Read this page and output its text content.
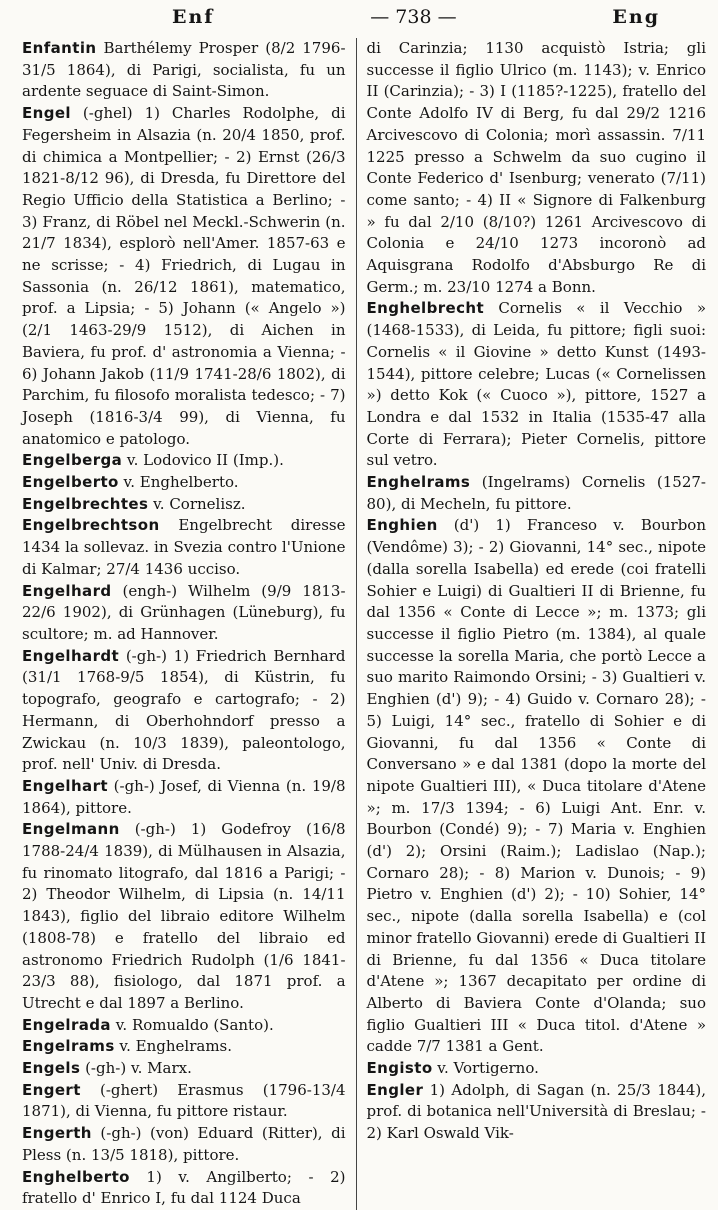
Enf	— 738 —	Eng

Enfantin Barthélemy Prosper (8/2 1796-31/5 1864), di Parigi, socialista, fu un ardente seguace di Saint-Simon.

Engel (-ghel) 1) Charles Rodolphe, di Fegersheim in Alsazia (n. 20/4 1850, prof. di chimica a Montpellier; - 2) Ernst (26/3 1821-8/12 96), di Dresda, fu Direttore del Regio Ufficio della Statistica a Berlino; - 3) Franz, di Röbel nel Meckl.-Schwerin (n. 21/7 1834), esplorò nell'Amer. 1857-63 e ne scrisse; - 4) Friedrich, di Lugau in Sassonia (n. 26/12 1861), matematico, prof. a Lipsia; - 5) Johann (« Angelo ») (2/1 1463-29/9 1512), di Aichen in Baviera, fu prof. d' astronomia a Vienna; - 6) Johann Jakob (11/9 1741-28/6 1802), di Parchim, fu filosofo moralista tedesco; - 7) Joseph (1816-3/4 99), di Vienna, fu anatomico e patologo.

Engelberga v. Lodovico II (Imp.).

Engelberto v. Enghelberto.

Engelbrechtes v. Cornelisz.

Engelbrechtson Engelbrecht diresse 1434 la sollevaz. in Svezia contro l'Unione di Kalmar; 27/4 1436 ucciso.

Engelhard (engh-) Wilhelm (9/9 1813-22/6 1902), di Grünhagen (Lüneburg), fu scultore; m. ad Hannover.

Engelhardt (-gh-) 1) Friedrich Bernhard (31/1 1768-9/5 1854), di Küstrin, fu topografo, geografo e cartografo; - 2) Hermann, di Oberhohndorf presso a Zwickau (n. 10/3 1839), paleontologo, prof. nell' Univ. di Dresda.

Engelhart (-gh-) Josef, di Vienna (n. 19/8 1864), pittore.

Engelmann (-gh-) 1) Godefroy (16/8 1788-24/4 1839), di Mülhausen in Alsazia, fu rinomato litografo, dal 1816 a Parigi; - 2) Theodor Wilhelm, di Lipsia (n. 14/11 1843), figlio del libraio editore Wilhelm (1808-78) e fratello del libraio ed astronomo Friedrich Rudolph (1/6 1841-23/3 88), fisiologo, dal 1871 prof. a Utrecht e dal 1897 a Berlino.

Engelrada v. Romualdo (Santo).

Engelrams v. Enghelrams.

Engels (-gh-) v. Marx.

Engert (-ghert) Erasmus (1796-13/4 1871), di Vienna, fu pittore ristaur.

Engerth (-gh-) (von) Eduard (Ritter), di Pless (n. 13/5 1818), pittore.

Enghelberto 1) v. Angilberto; - 2) fratello d' Enrico I, fu dal 1124 Duca

di Carinzia; 1130 acquistò Istria; gli successe il figlio Ulrico (m. 1143); v. Enrico II (Carinzia); - 3) I (1185?-1225), fratello del Conte Adolfo IV di Berg, fu dal 29/2 1216 Arcivescovo di Colonia; morì assassin. 7/11 1225 presso a Schwelm da suo cugino il Conte Federico d' Isenburg; venerato (7/11) come santo; - 4) II « Signore di Falkenburg » fu dal 2/10 (8/10?) 1261 Arcivescovo di Colonia e 24/10 1273 incoronò ad Aquisgrana Rodolfo d'Absburgo Re di Germ.; m. 23/10 1274 a Bonn.

Enghelbrecht Cornelis « il Vecchio » (1468-1533), di Leida, fu pittore; figli suoi: Cornelis « il Giovine » detto Kunst (1493-1544), pittore celebre; Lucas (« Cornelissen ») detto Kok (« Cuoco »), pittore, 1527 a Londra e dal 1532 in Italia (1535-47 alla Corte di Ferrara); Pieter Cornelis, pittore sul vetro.

Enghelrams (Ingelrams) Cornelis (1527-80), di Mecheln, fu pittore.

Enghien (d') 1) Franceso v. Bourbon (Vendôme) 3); - 2) Giovanni, 14° sec., nipote (dalla sorella Isabella) ed erede (coi fratelli Sohier e Luigi) di Gualtieri II di Brienne, fu dal 1356 « Conte di Lecce »; m. 1373; gli successe il figlio Pietro (m. 1384), al quale successe la sorella Maria, che portò Lecce a suo marito Raimondo Orsini; - 3) Gualtieri v. Enghien (d') 9); - 4) Guido v. Cornaro 28); - 5) Luigi, 14° sec., fratello di Sohier e di Giovanni, fu dal 1356 « Conte di Conversano » e dal 1381 (dopo la morte del nipote Gualtieri III), « Duca titolare d'Atene »; m. 17/3 1394; - 6) Luigi Ant. Enr. v. Bourbon (Condé) 9); - 7) Maria v. Enghien (d') 2); Orsini (Raim.); Ladislao (Nap.); Cornaro 28); - 8) Marion v. Dunois; - 9) Pietro v. Enghien (d') 2); - 10) Sohier, 14° sec., nipote (dalla sorella Isabella) e (col minor fratello Giovanni) erede di Gualtieri II di Brienne, fu dal 1356 « Duca titolare d'Atene »; 1367 decapitato per ordine di Alberto di Baviera Conte d'Olanda; suo figlio Gualtieri III « Duca titol. d'Atene » cadde 7/7 1381 a Gent.

Engisto v. Vortigerno.

Engler 1) Adolph, di Sagan (n. 25/3 1844), prof. di botanica nell'Università di Breslau; - 2) Karl Oswald Vik-
